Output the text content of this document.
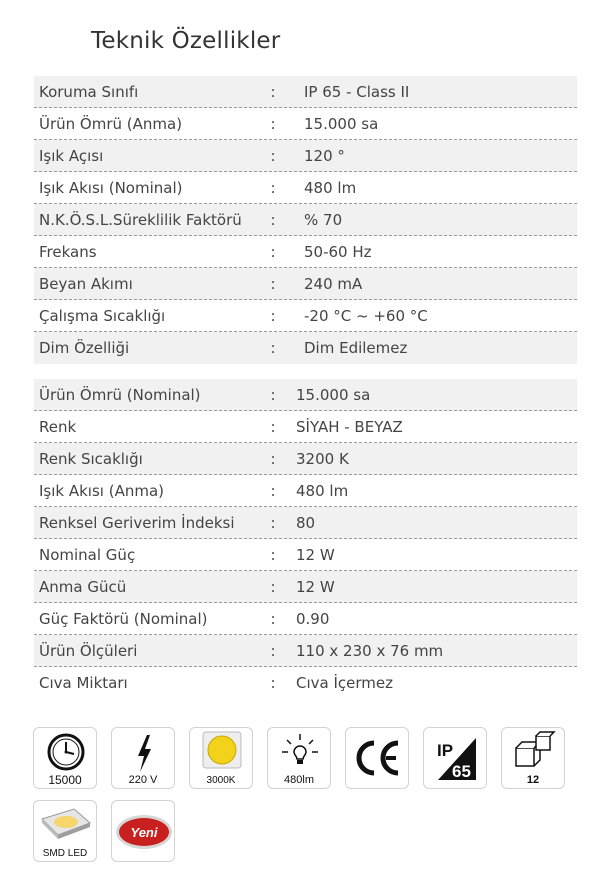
Teknik Özellikler
Koruma Sınıfı	:	IP 65 - Class II
Ürün Ömrü (Anma)	:	15.000 sa
Işık Açısı	:	120 °
Işık Akısı (Nominal)	:	480 lm
N.K.Ö.S.L.Süreklilik Faktörü	:	% 70
Frekans	:	50-60 Hz
Beyan Akımı	:	240 mA
Çalışma Sıcaklığı	:	-20 °C ~ +60 °C
Dim Özelliği	:	Dim Edilemez
Ürün Ömrü (Nominal)	:	15.000 sa
Renk	:	SİYAH - BEYAZ
Renk Sıcaklığı	:	3200 K
Işık Akısı (Anma)	:	480 lm
Renksel Geriverim İndeksi	:	80
Nominal Güç	:	12 W
Anma Gücü	:	12 W
Güç Faktörü (Nominal)	:	0.90
Ürün Ölçüleri	:	110 x 230 x 76 mm
Cıva Miktarı	:	Cıva İçermez
15000	220 V	3000K	480lm
IP
65	12
SMD LED
Yeni
